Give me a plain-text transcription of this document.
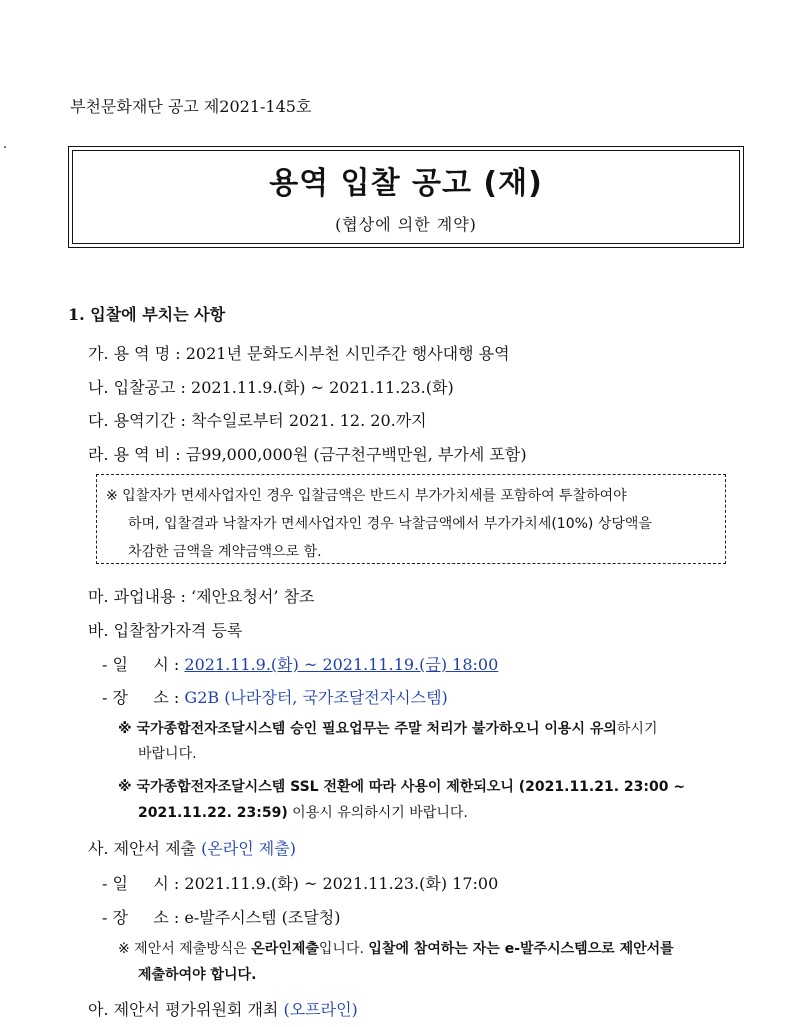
부천문화재단 공고 제2021-145호
용역 입찰 공고 (재)
(협상에 의한 계약)
1. 입찰에 부치는 사항
가. 용 역 명 : 2021년 문화도시부천 시민주간 행사대행 용역
나. 입찰공고 : 2021.11.9.(화) ~ 2021.11.23.(화)
다. 용역기간 : 착수일로부터 2021. 12. 20.까지
라. 용 역 비 : 금99,000,000원 (금구천구백만원, 부가세 포함)
※ 입찰자가 면세사업자인 경우 입찰금액은 반드시 부가가치세를 포함하여 투찰하여야
하며, 입찰결과 낙찰자가 면세사업자인 경우 낙찰금액에서 부가가치세(10%) 상당액을
차감한 금액을 계약금액으로 함.
마. 과업내용 : ‘제안요청서’ 참조
바. 입찰참가자격 등록
- 일     시 : 2021.11.9.(화) ~ 2021.11.19.(금) 18:00
- 장     소 : G2B (나라장터, 국가조달전자시스템)
※ 국가종합전자조달시스템 승인 필요업무는 주말 처리가 불가하오니 이용시 유의하시기
바랍니다.
※ 국가종합전자조달시스템 SSL 전환에 따라 사용이 제한되오니 (2021.11.21. 23:00 ~
2021.11.22. 23:59) 이용시 유의하시기 바랍니다.
사. 제안서 제출 (온라인 제출)
- 일     시 : 2021.11.9.(화) ~ 2021.11.23.(화) 17:00
- 장     소 : e-발주시스템 (조달청)
※ 제안서 제출방식은 온라인제출입니다. 입찰에 참여하는 자는 e-발주시스템으로 제안서를
제출하여야 합니다.
아. 제안서 평가위원회 개최 (오프라인)
